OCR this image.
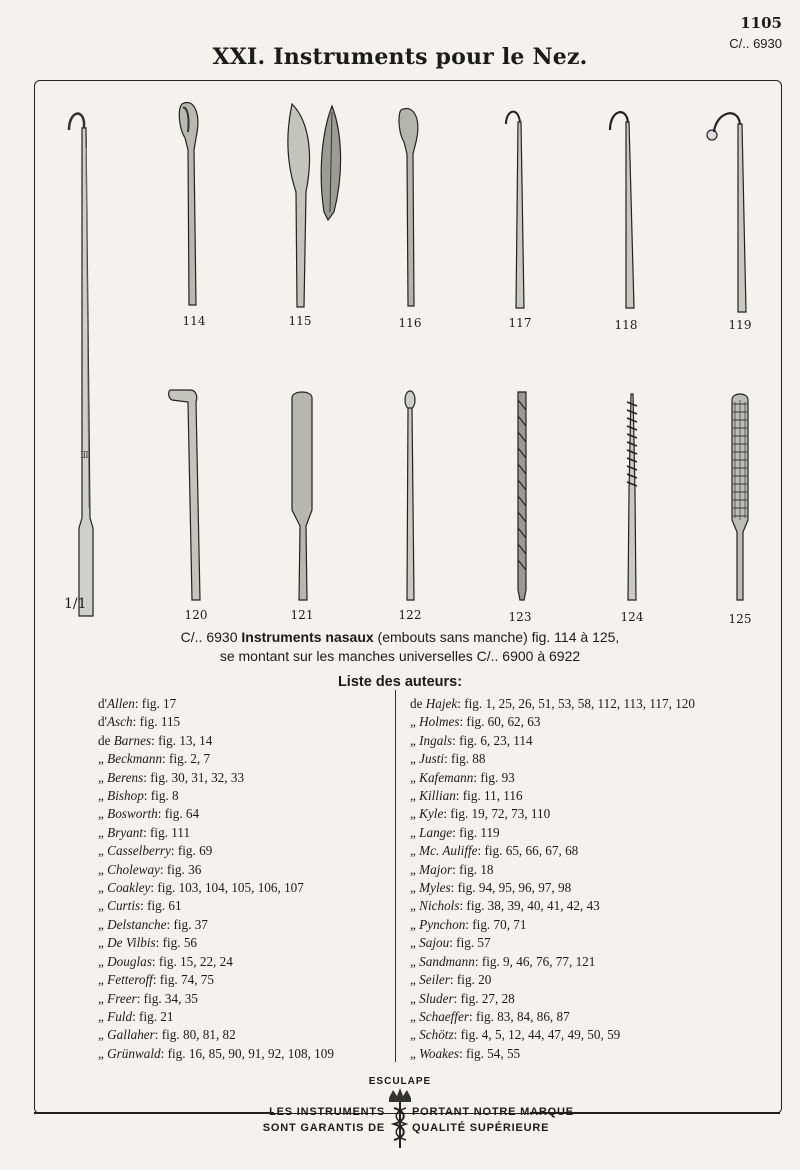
1105
C/.. 6930
XXI. Instruments pour le Nez.
Ⅲ
1/1
114	115	116	117	118	119
120	121	122	123	124	125
C/.. 6930 Instruments nasaux (embouts sans manche) fig. 114 à 125,
se montant sur les manches universelles C/.. 6900 à 6922
Liste des auteurs:
d'Allen: fig. 17
d'Asch: fig. 115
de Barnes: fig. 13, 14
„ Beckmann: fig. 2, 7
„ Berens: fig. 30, 31, 32, 33
„ Bishop: fig. 8
„ Bosworth: fig. 64
„ Bryant: fig. 111
„ Casselberry: fig. 69
„ Choleway: fig. 36
„ Coakley: fig. 103, 104, 105, 106, 107
„ Curtis: fig. 61
„ Delstanche: fig. 37
„ De Vilbis: fig. 56
„ Douglas: fig. 15, 22, 24
„ Fetteroff: fig. 74, 75
„ Freer: fig. 34, 35
„ Fuld: fig. 21
„ Gallaher: fig. 80, 81, 82
„ Grünwald: fig. 16, 85, 90, 91, 92, 108, 109
de Hajek: fig. 1, 25, 26, 51, 53, 58, 112, 113, 117, 120
„ Holmes: fig. 60, 62, 63
„ Ingals: fig. 6, 23, 114
„ Justi: fig. 88
„ Kafemann: fig. 93
„ Killian: fig. 11, 116
„ Kyle: fig. 19, 72, 73, 110
„ Lange: fig. 119
„ Mc. Auliffe: fig. 65, 66, 67, 68
„ Major: fig. 18
„ Myles: fig. 94, 95, 96, 97, 98
„ Nichols: fig. 38, 39, 40, 41, 42, 43
„ Pynchon: fig. 70, 71
„ Sajou: fig. 57
„ Sandmann: fig. 9, 46, 76, 77, 121
„ Seiler: fig. 20
„ Sluder: fig. 27, 28
„ Schaeffer: fig. 83, 84, 86, 87
„ Schötz: fig. 4, 5, 12, 44, 47, 49, 50, 59
„ Woakes: fig. 54, 55
ESCULAPE
LES INSTRUMENTS
SONT GARANTIS DE
PORTANT NOTRE MARQUE
QUALITÉ SUPÉRIEURE
